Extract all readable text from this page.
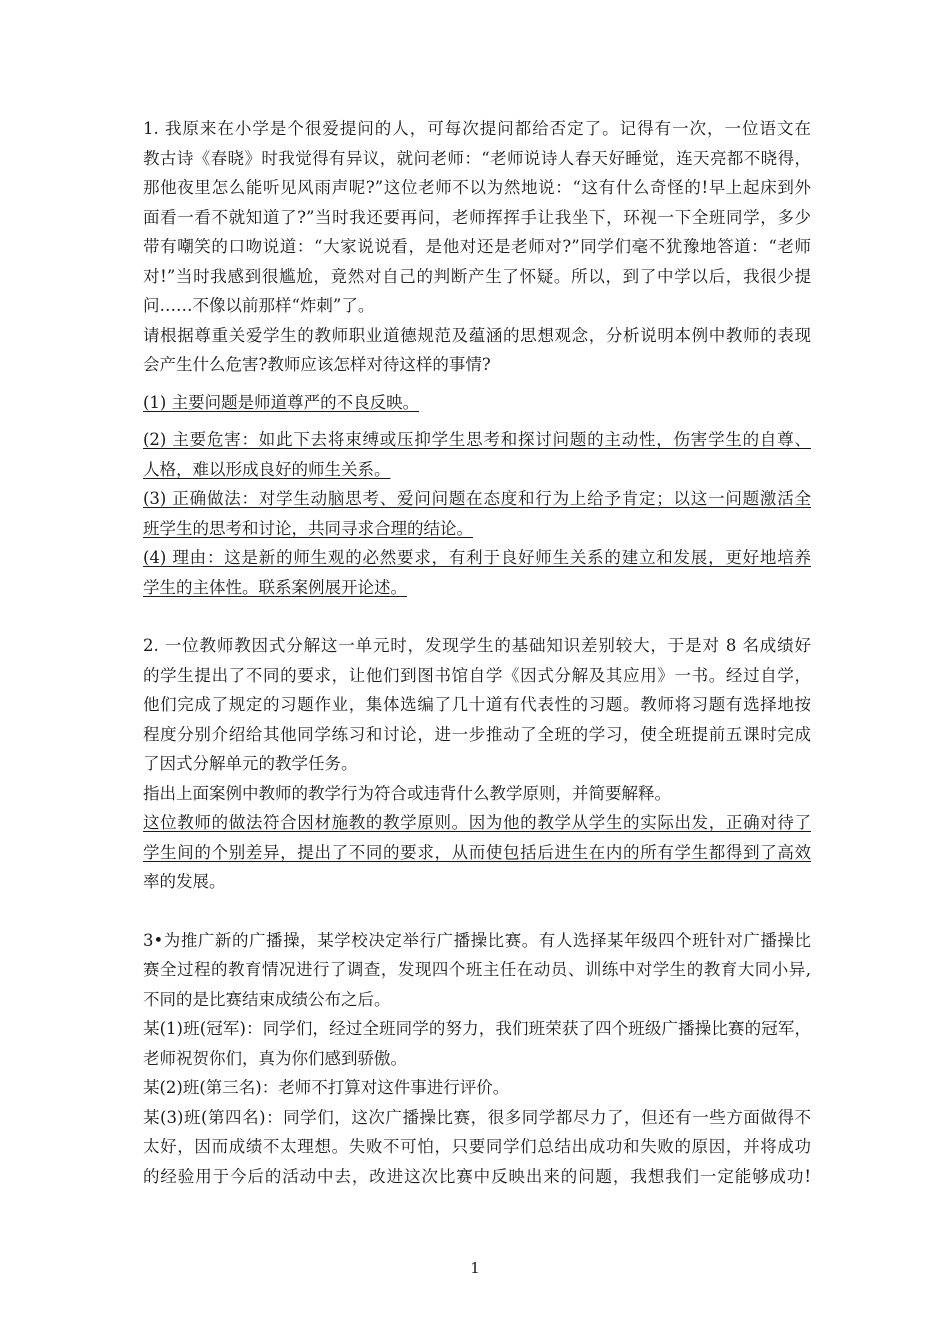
1. 我原来在小学是个很爱提问的人，可每次提问都给否定了。记得有一次，一位语文在
教古诗《春晓》时我觉得有异议，就问老师：“老师说诗人春天好睡觉，连天亮都不晓得，
那他夜里怎么能听见风雨声呢?”这位老师不以为然地说：“这有什么奇怪的!早上起床到外
面看一看不就知道了?”当时我还要再问，老师挥挥手让我坐下，环视一下全班同学，多少
带有嘲笑的口吻说道：“大家说说看，是他对还是老师对?”同学们毫不犹豫地答道：“老师
对!”当时我感到很尴尬，竟然对自己的判断产生了怀疑。所以，到了中学以后，我很少提
问……不像以前那样“炸刺”了。
请根据尊重关爱学生的教师职业道德规范及蕴涵的思想观念，分析说明本例中教师的表现
会产生什么危害?教师应该怎样对待这样的事情?
(1) 主要问题是师道尊严的不良反映。
(2) 主要危害：如此下去将束缚或压抑学生思考和探讨问题的主动性，伤害学生的自尊、
人格，难以形成良好的师生关系。
(3) 正确做法：对学生动脑思考、爱问问题在态度和行为上给予肯定；以这一问题激活全
班学生的思考和讨论，共同寻求合理的结论。
(4) 理由：这是新的师生观的必然要求，有利于良好师生关系的建立和发展，更好地培养
学生的主体性。联系案例展开论述。
2. 一位教师教因式分解这一单元时，发现学生的基础知识差别较大，于是对 8 名成绩好
的学生提出了不同的要求，让他们到图书馆自学《因式分解及其应用》一书。经过自学，
他们完成了规定的习题作业，集体选编了几十道有代表性的习题。教师将习题有选择地按
程度分别介绍给其他同学练习和讨论，进一步推动了全班的学习，使全班提前五课时完成
了因式分解单元的教学任务。
指出上面案例中教师的教学行为符合或违背什么教学原则，并简要解释。
这位教师的做法符合因材施教的教学原则。因为他的教学从学生的实际出发，正确对待了
学生间的个别差异，提出了不同的要求，从而使包括后进生在内的所有学生都得到了高效
率的发展。
3•为推广新的广播操，某学校决定举行广播操比赛。有人选择某年级四个班针对广播操比
赛全过程的教育情况进行了调查，发现四个班主任在动员、训练中对学生的教育大同小异,
不同的是比赛结束成绩公布之后。
某(1)班(冠军)：同学们，经过全班同学的努力，我们班荣获了四个班级广播操比赛的冠军，
老师祝贺你们，真为你们感到骄傲。
某(2)班(第三名)：老师不打算对这件事进行评价。
某(3)班(第四名)：同学们，这次广播操比赛，很多同学都尽力了，但还有一些方面做得不
太好，因而成绩不太理想。失败不可怕，只要同学们总结出成功和失败的原因，并将成功
的经验用于今后的活动中去，改进这次比赛中反映出来的问题，我想我们一定能够成功!
1
